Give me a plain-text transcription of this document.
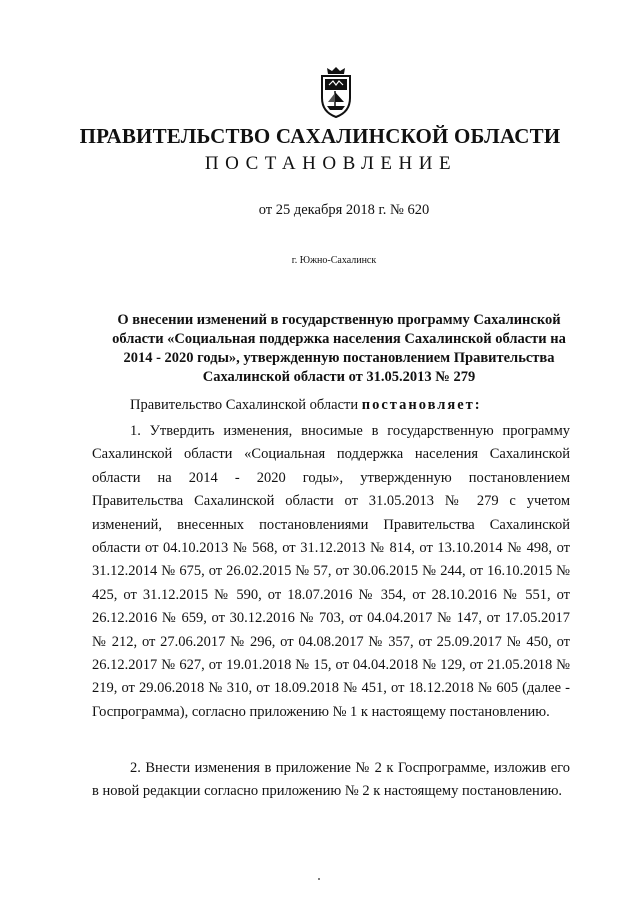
ПРАВИТЕЛЬСТВО САХАЛИНСКОЙ ОБЛАСТИ
ПОСТАНОВЛЕНИЕ
от 25 декабря 2018 г. № 620
г. Южно-Сахалинск
О внесении изменений в государственную программу Сахалинской области «Социальная поддержка населения Сахалинской области на 2014 - 2020 годы», утвержденную постановлением Правительства Сахалинской области от 31.05.2013 № 279
Правительство Сахалинской области постановляет:

1. Утвердить изменения, вносимые в государственную программу Сахалинской области «Социальная поддержка населения Сахалинской области на 2014 - 2020 годы», утвержденную постановлением Правительства Сахалинской области от 31.05.2013 № 279 с учетом изменений, внесенных постановлениями Правительства Сахалинской области от 04.10.2013 № 568, от 31.12.2013 № 814, от 13.10.2014 № 498, от 31.12.2014 № 675, от 26.02.2015 № 57, от 30.06.2015 № 244, от 16.10.2015 № 425, от 31.12.2015 № 590, от 18.07.2016 № 354, от 28.10.2016 № 551, от 26.12.2016 № 659, от 30.12.2016 № 703, от 04.04.2017 № 147, от 17.05.2017 № 212, от 27.06.2017 № 296, от 04.08.2017 № 357, от 25.09.2017 № 450, от 26.12.2017 № 627, от 19.01.2018 № 15, от 04.04.2018 № 129, от 21.05.2018 № 219, от 29.06.2018 № 310, от 18.09.2018 № 451, от 18.12.2018 № 605 (далее - Госпрограмма), согласно приложению № 1 к настоящему постановлению.

2. Внести изменения в приложение № 2 к Госпрограмме, изложив его в новой редакции согласно приложению № 2 к настоящему постановлению.
